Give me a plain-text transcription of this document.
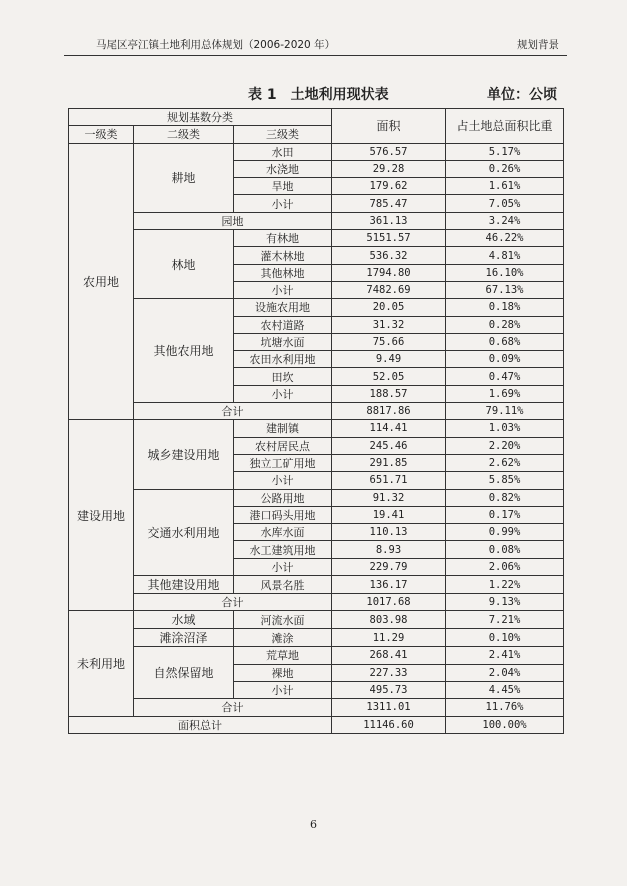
马尾区亭江镇土地利用总体规划（2006-2020 年）	规划背景
表 1　土地利用现状表	单位：公顷
规划基数分类			面积	占土地总面积比重
一级类	二级类	三级类		
农用地	耕地	水田	576.57	5.17%
		水浇地	29.28	0.26%
		旱地	179.62	1.61%
		小计	785.47	7.05%
	园地		361.13	3.24%
	林地	有林地	5151.57	46.22%
		灌木林地	536.32	4.81%
		其他林地	1794.80	16.10%
		小计	7482.69	67.13%
	其他农用地	设施农用地	20.05	0.18%
		农村道路	31.32	0.28%
		坑塘水面	75.66	0.68%
		农田水利用地	9.49	0.09%
		田坎	52.05	0.47%
		小计	188.57	1.69%
	合计		8817.86	79.11%
建设用地	城乡建设用地	建制镇	114.41	1.03%
		农村居民点	245.46	2.20%
		独立工矿用地	291.85	2.62%
		小计	651.71	5.85%
	交通水利用地	公路用地	91.32	0.82%
		港口码头用地	19.41	0.17%
		水库水面	110.13	0.99%
		水工建筑用地	8.93	0.08%
		小计	229.79	2.06%
	其他建设用地	风景名胜	136.17	1.22%
	合计		1017.68	9.13%
未利用地	水域	河流水面	803.98	7.21%
	滩涂沼泽	滩涂	11.29	0.10%
	自然保留地	荒草地	268.41	2.41%
		裸地	227.33	2.04%
		小计	495.73	4.45%
	合计		1311.01	11.76%
面积总计			11146.60	100.00%
6
